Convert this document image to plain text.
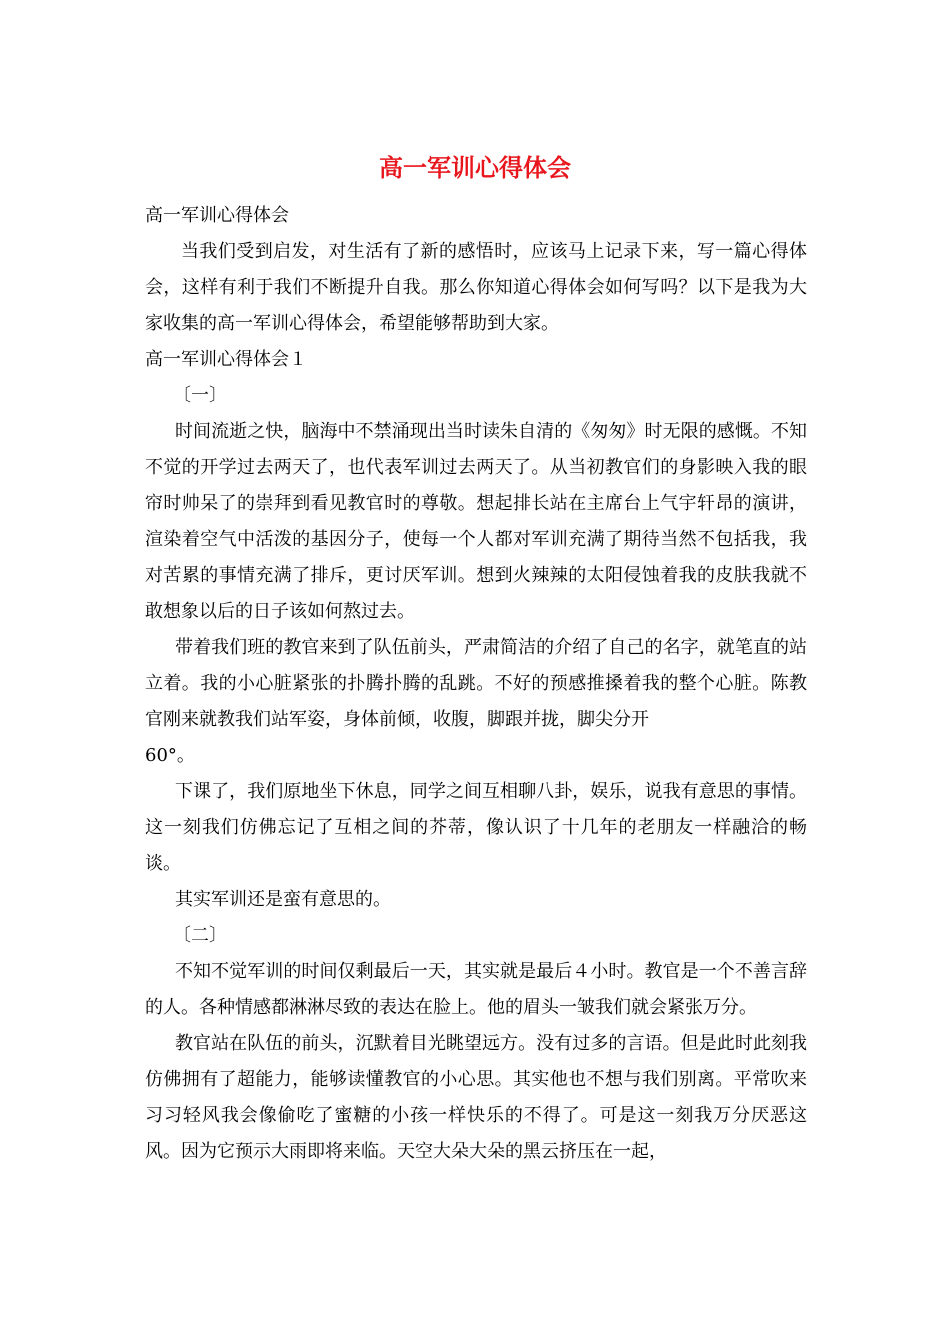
高一军训心得体会

高一军训心得体会

当我们受到启发，对生活有了新的感悟时，应该马上记录下来，写一篇心得体会，这样有利于我们不断提升自我。那么你知道心得体会如何写吗？以下是我为大家收集的高一军训心得体会，希望能够帮助到大家。

高一军训心得体会１

〔一〕

时间流逝之快，脑海中不禁涌现出当时读朱自清的《匆匆》时无限的感慨。不知不觉的开学过去两天了，也代表军训过去两天了。从当初教官们的身影映入我的眼帘时帅呆了的崇拜到看见教官时的尊敬。想起排长站在主席台上气宇轩昂的演讲，渲染着空气中活泼的基因分子，使每一个人都对军训充满了期待当然不包括我，我对苦累的事情充满了排斥，更讨厌军训。想到火辣辣的太阳侵蚀着我的皮肤我就不敢想象以后的日子该如何熬过去。

带着我们班的教官来到了队伍前头，严肃简洁的介绍了自己的名字，就笔直的站立着。我的小心脏紧张的扑腾扑腾的乱跳。不好的预感推搡着我的整个心脏。陈教官刚来就教我们站军姿，身体前倾，收腹，脚跟并拢，脚尖分开

60°。

下课了，我们原地坐下休息，同学之间互相聊八卦，娱乐，说我有意思的事情。这一刻我们仿佛忘记了互相之间的芥蒂，像认识了十几年的老朋友一样融洽的畅谈。

其实军训还是蛮有意思的。

〔二〕

不知不觉军训的时间仅剩最后一天，其实就是最后４小时。教官是一个不善言辞的人。各种情感都淋淋尽致的表达在脸上。他的眉头一皱我们就会紧张万分。

教官站在队伍的前头，沉默着目光眺望远方。没有过多的言语。但是此时此刻我仿佛拥有了超能力，能够读懂教官的小心思。其实他也不想与我们别离。平常吹来习习轻风我会像偷吃了蜜糖的小孩一样快乐的不得了。可是这一刻我万分厌恶这风。因为它预示大雨即将来临。天空大朵大朵的黑云挤压在一起，
